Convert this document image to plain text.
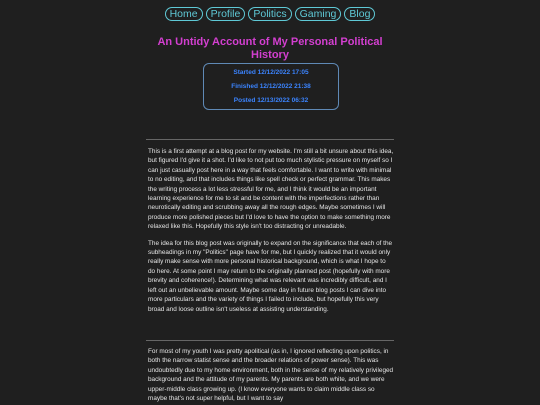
Home	Profile	Politics	Gaming	Blog
An Untidy Account of My Personal Political History
Started 12/12/2022 17:05
Finished 12/12/2022 21:38
Posted 12/13/2022 06:32

This is a first attempt at a blog post for my website. I'm still a bit unsure about this idea, but figured I'd give it a shot. I'd like to not put too much stylistic pressure on myself so I can just casually post here in a way that feels comfortable. I want to write with minimal to no editing, and that includes things like spell check or perfect grammar. This makes the writing process a lot less stressful for me, and I think it would be an important learning experience for me to sit and be content with the imperfections rather than neurotically editing and scrubbing away all the rough edges. Maybe sometimes I will produce more polished pieces but I'd love to have the option to make something more relaxed like this. Hopefully this style isn't too distracting or unreadable.

The idea for this blog post was originally to expand on the significance that each of the subheadings in my "Politics" page have for me, but I quickly realized that it would only really make sense with more personal historical background, which is what I hope to do here. At some point I may return to the originally planned post (hopefully with more brevity and coherence!). Determining what was relevant was incredibly difficult, and I left out an unbelievable amount. Maybe some day in future blog posts I can dive into more particulars and the variety of things I failed to include, but hopefully this very broad and loose outline isn't useless at assisting understanding.

For most of my youth I was pretty apolitical (as in, I ignored reflecting upon politics, in both the narrow statist sense and the broader relations of power sense). This was undoubtedly due to my home environment, both in the sense of my relatively privileged background and the attitude of my parents. My parents are both white, and we were upper-middle class growing up. (I know everyone wants to claim middle class so maybe that's not super helpful, but I want to say
